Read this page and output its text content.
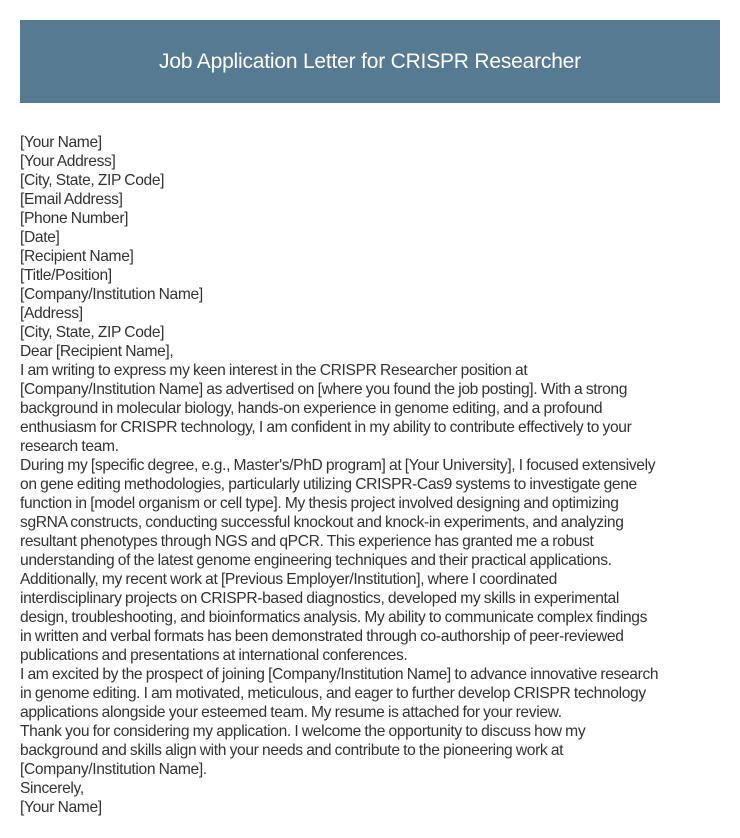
Job Application Letter for CRISPR Researcher
[Your Name]
[Your Address]
[City, State, ZIP Code]
[Email Address]
[Phone Number]
[Date]
[Recipient Name]
[Title/Position]
[Company/Institution Name]
[Address]
[City, State, ZIP Code]
Dear [Recipient Name],
I am writing to express my keen interest in the CRISPR Researcher position at
[Company/Institution Name] as advertised on [where you found the job posting]. With a strong
background in molecular biology, hands-on experience in genome editing, and a profound
enthusiasm for CRISPR technology, I am confident in my ability to contribute effectively to your
research team.
During my [specific degree, e.g., Master's/PhD program] at [Your University], I focused extensively
on gene editing methodologies, particularly utilizing CRISPR-Cas9 systems to investigate gene
function in [model organism or cell type]. My thesis project involved designing and optimizing
sgRNA constructs, conducting successful knockout and knock-in experiments, and analyzing
resultant phenotypes through NGS and qPCR. This experience has granted me a robust
understanding of the latest genome engineering techniques and their practical applications.
Additionally, my recent work at [Previous Employer/Institution], where I coordinated
interdisciplinary projects on CRISPR-based diagnostics, developed my skills in experimental
design, troubleshooting, and bioinformatics analysis. My ability to communicate complex findings
in written and verbal formats has been demonstrated through co-authorship of peer-reviewed
publications and presentations at international conferences.
I am excited by the prospect of joining [Company/Institution Name] to advance innovative research
in genome editing. I am motivated, meticulous, and eager to further develop CRISPR technology
applications alongside your esteemed team. My resume is attached for your review.
Thank you for considering my application. I welcome the opportunity to discuss how my
background and skills align with your needs and contribute to the pioneering work at
[Company/Institution Name].
Sincerely,
[Your Name]
